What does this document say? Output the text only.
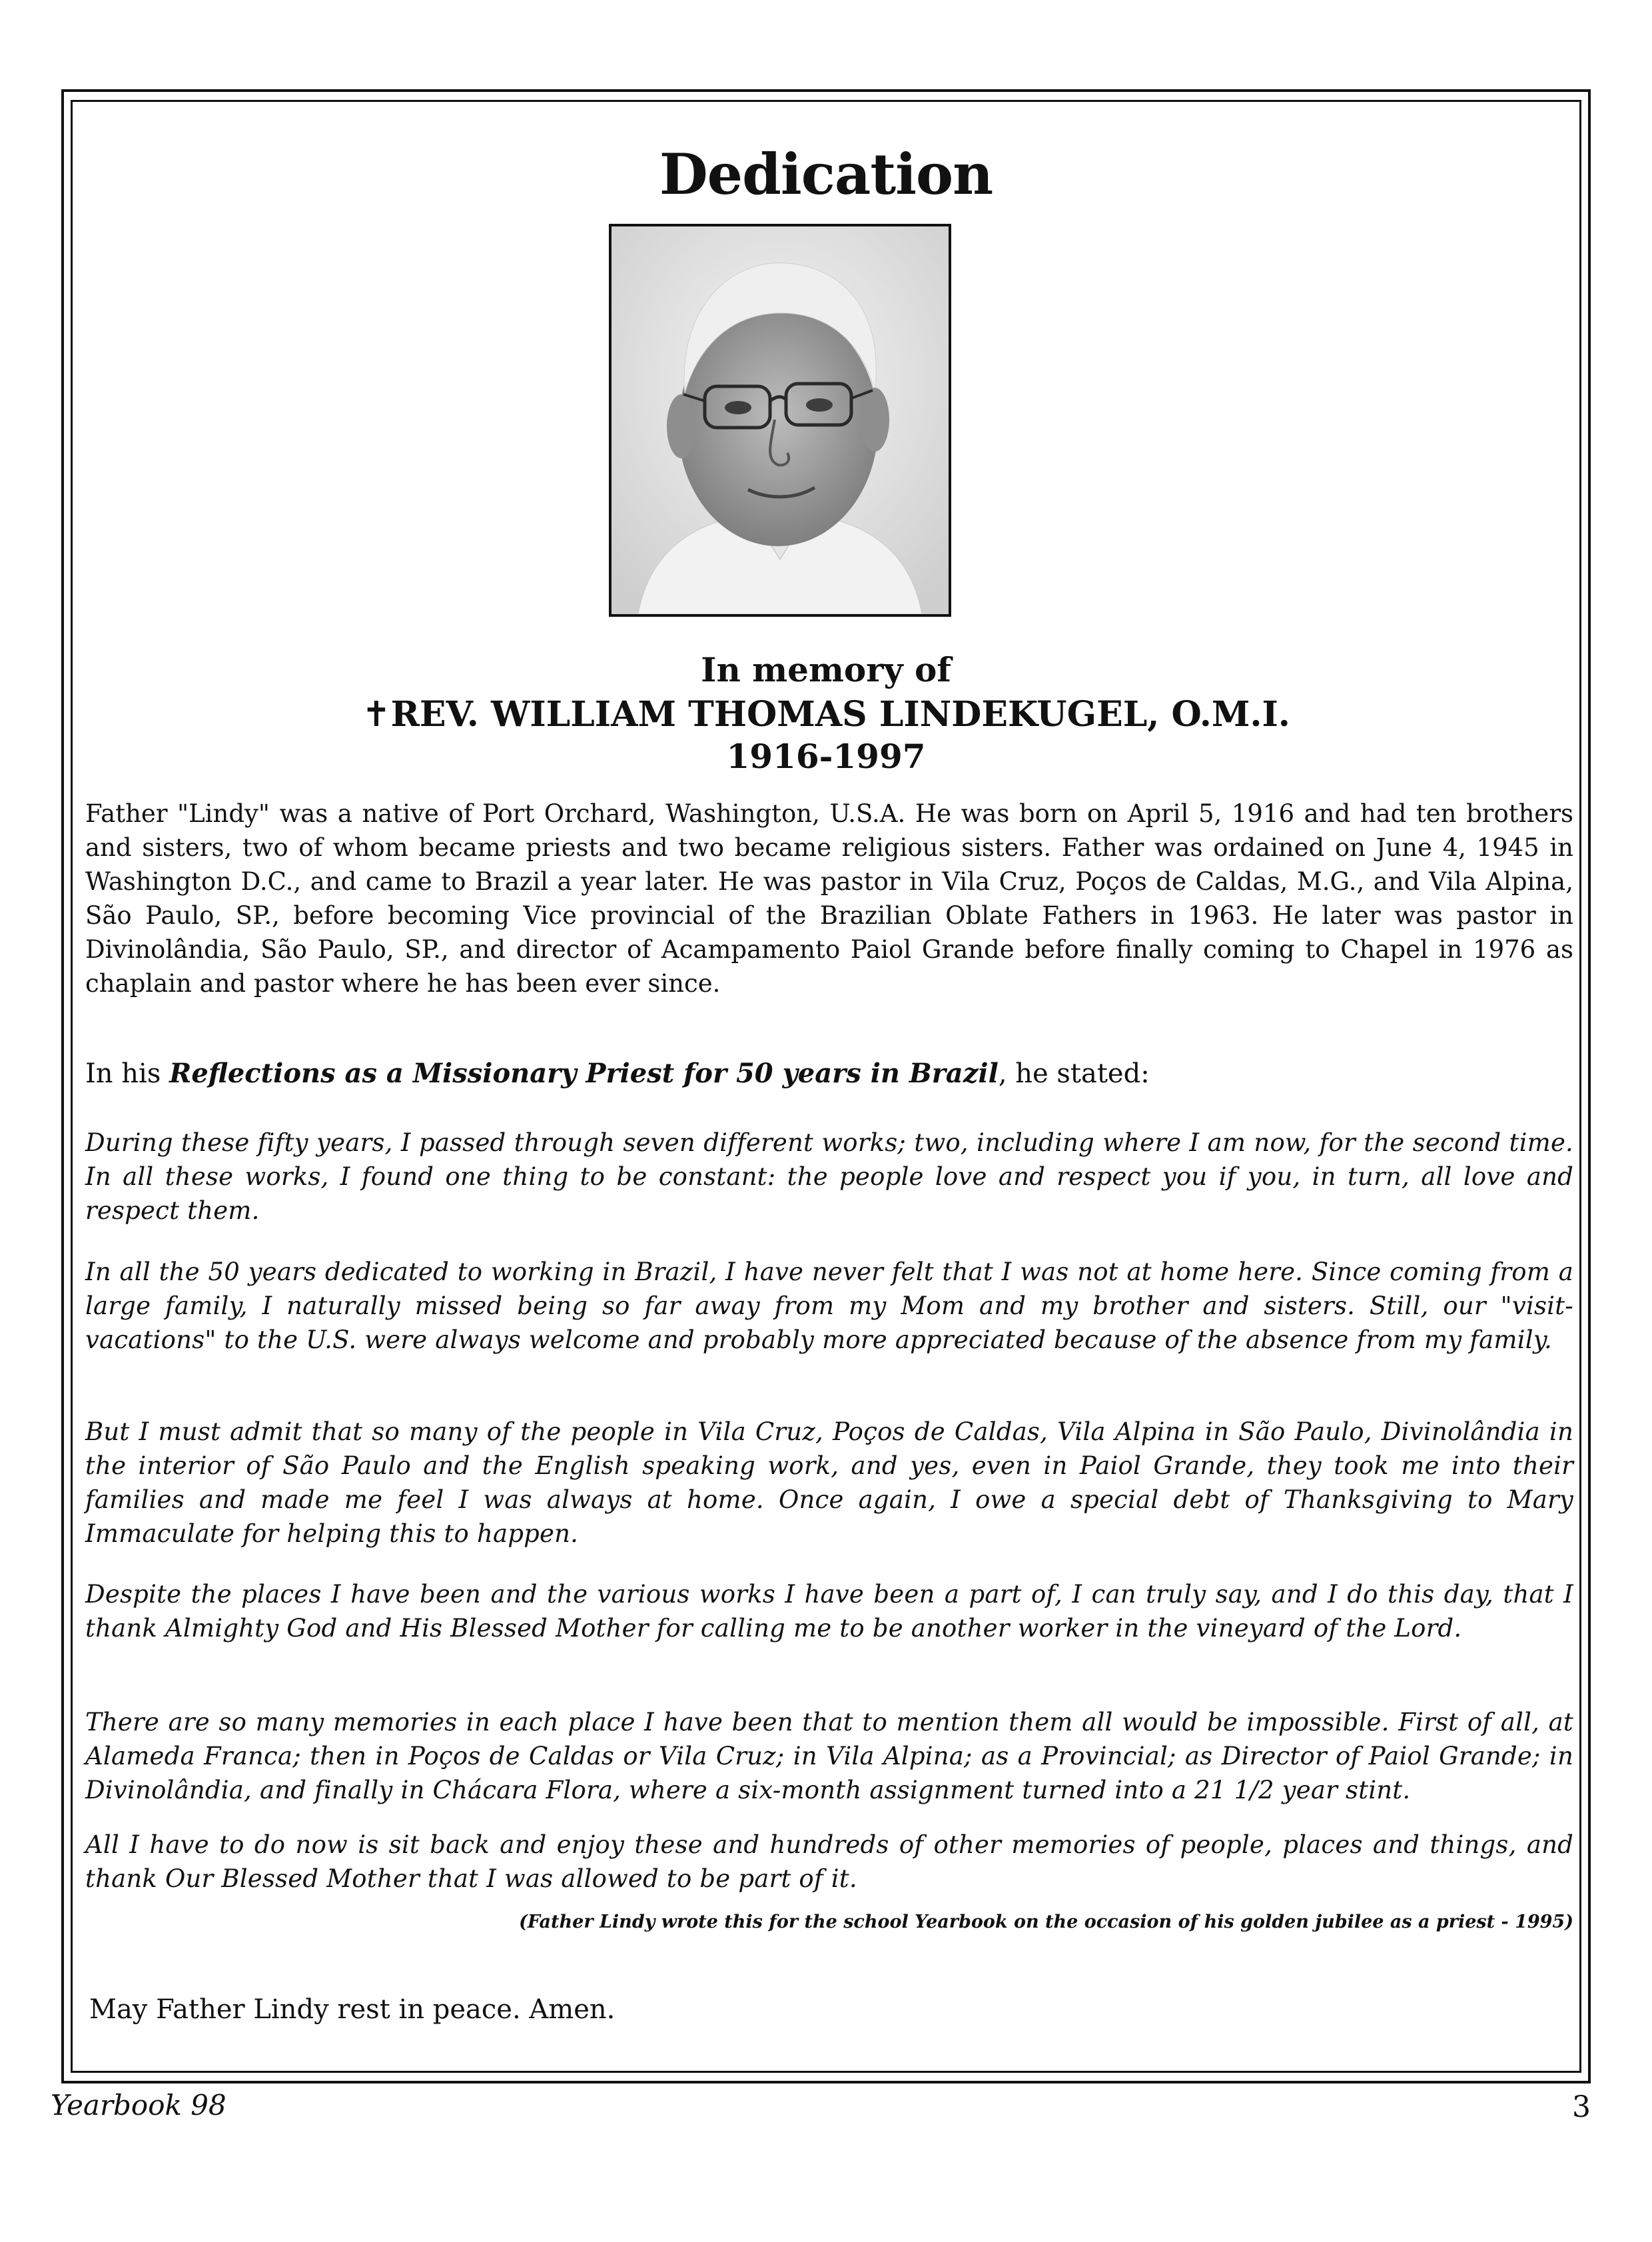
Dedication
In memory of
✝REV. WILLIAM THOMAS LINDEKUGEL, O.M.I.
1916-1997

Father "Lindy" was a native of Port Orchard, Washington, U.S.A. He was born on April 5, 1916 and had ten brothers and sisters, two of whom became priests and two became religious sisters. Father was ordained on June 4, 1945 in Washington D.C., and came to Brazil a year later. He was pastor in Vila Cruz, Poços de Caldas, M.G., and Vila Alpina, São Paulo, SP., before becoming Vice provincial of the Brazilian Oblate Fathers in 1963. He later was pastor in Divinolândia, São Paulo, SP., and director of Acampamento Paiol Grande before finally coming to Chapel in 1976 as chaplain and pastor where he has been ever since.

In his Reflections as a Missionary Priest for 50 years in Brazil, he stated:

During these fifty years, I passed through seven different works; two, including where I am now, for the second time. In all these works, I found one thing to be constant: the people love and respect you if you, in turn, all love and respect them.

In all the 50 years dedicated to working in Brazil, I have never felt that I was not at home here. Since coming from a large family, I naturally missed being so far away from my Mom and my brother and sisters. Still, our "visit-vacations" to the U.S. were always welcome and probably more appreciated because of the absence from my family.

But I must admit that so many of the people in Vila Cruz, Poços de Caldas, Vila Alpina in São Paulo, Divinolândia in the interior of São Paulo and the English speaking work, and yes, even in Paiol Grande, they took me into their families and made me feel I was always at home. Once again, I owe a special debt of Thanksgiving to Mary Immaculate for helping this to happen.

Despite the places I have been and the various works I have been a part of, I can truly say, and I do this day, that I thank Almighty God and His Blessed Mother for calling me to be another worker in the vineyard of the Lord.

There are so many memories in each place I have been that to mention them all would be impossible. First of all, at Alameda Franca; then in Poços de Caldas or Vila Cruz; in Vila Alpina; as a Provincial; as Director of Paiol Grande; in Divinolândia, and finally in Chácara Flora, where a six-month assignment turned into a 21 1/2 year stint.

All I have to do now is sit back and enjoy these and hundreds of other memories of people, places and things, and thank Our Blessed Mother that I was allowed to be part of it.

(Father Lindy wrote this for the school Yearbook on the occasion of his golden jubilee as a priest - 1995)
May Father Lindy rest in peace. Amen.
Yearbook 98	3
